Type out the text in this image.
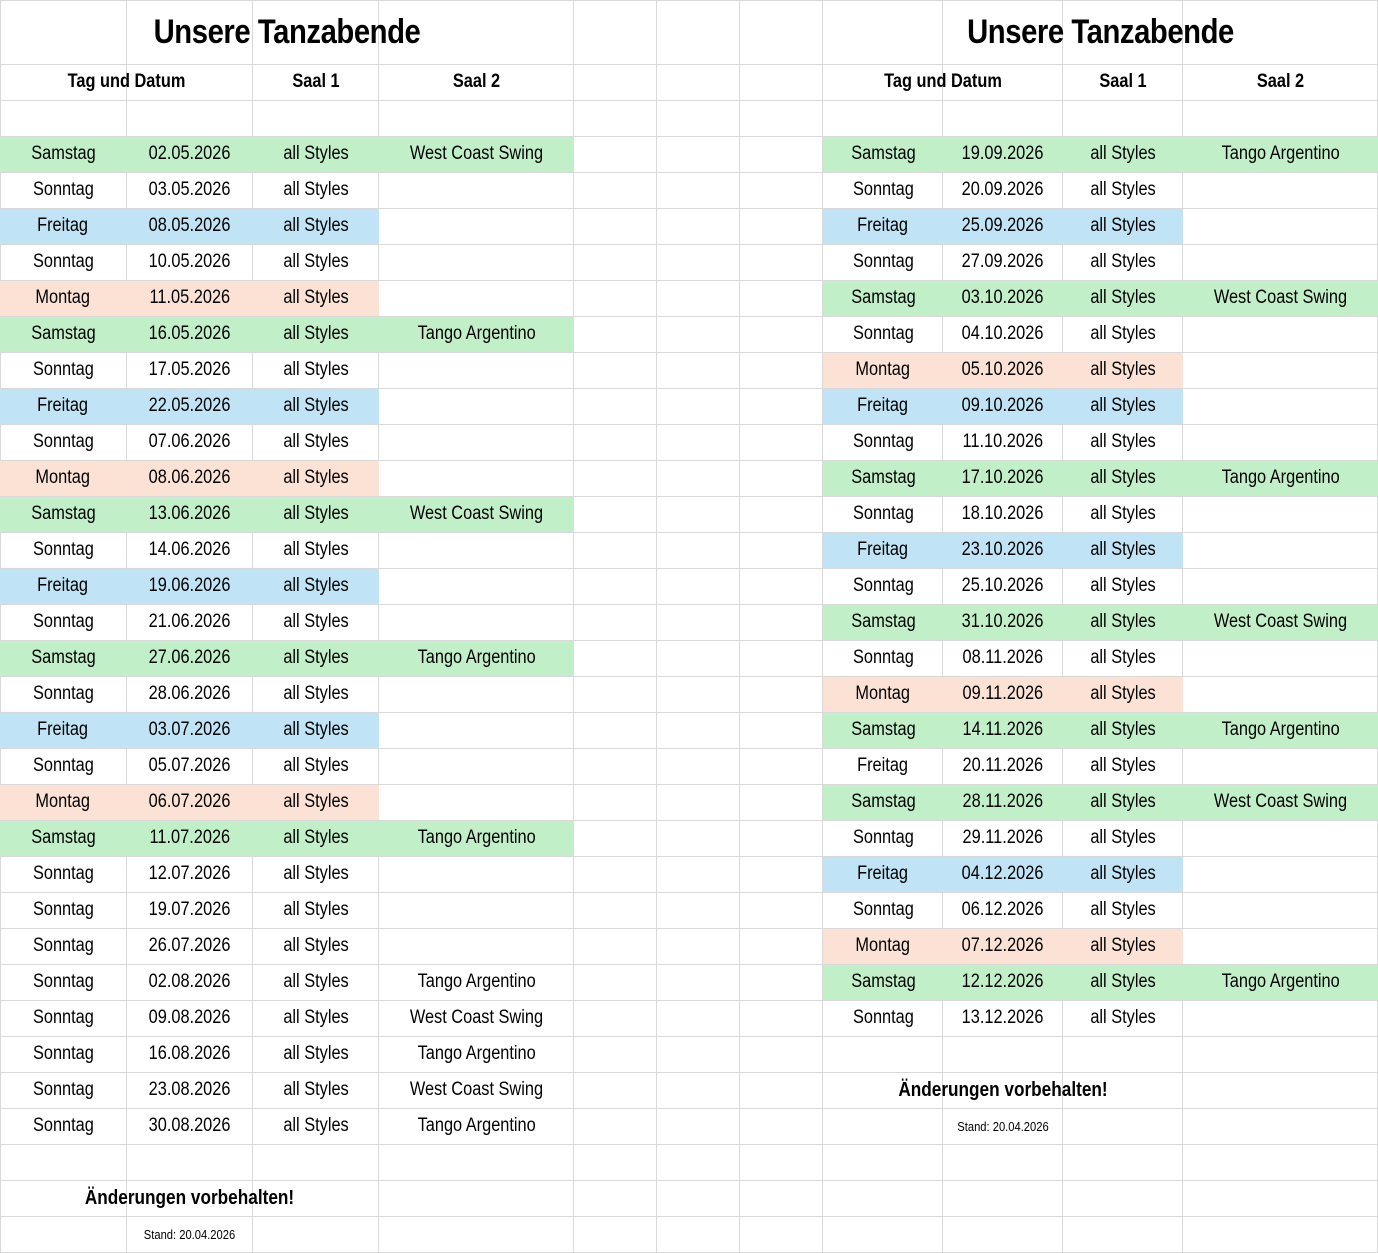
Unsere Tanzabende
Tag und Datum	Saal 1	Saal 2
Samstag	02.05.2026	all Styles	West Coast Swing
Sonntag	03.05.2026	all Styles
Freitag	08.05.2026	all Styles
Sonntag	10.05.2026	all Styles
Montag	11.05.2026	all Styles
Samstag	16.05.2026	all Styles	Tango Argentino
Sonntag	17.05.2026	all Styles
Freitag	22.05.2026	all Styles
Sonntag	07.06.2026	all Styles
Montag	08.06.2026	all Styles
Samstag	13.06.2026	all Styles	West Coast Swing
Sonntag	14.06.2026	all Styles
Freitag	19.06.2026	all Styles
Sonntag	21.06.2026	all Styles
Samstag	27.06.2026	all Styles	Tango Argentino
Sonntag	28.06.2026	all Styles
Freitag	03.07.2026	all Styles
Sonntag	05.07.2026	all Styles
Montag	06.07.2026	all Styles
Samstag	11.07.2026	all Styles	Tango Argentino
Sonntag	12.07.2026	all Styles
Sonntag	19.07.2026	all Styles
Sonntag	26.07.2026	all Styles
Sonntag	02.08.2026	all Styles	Tango Argentino
Sonntag	09.08.2026	all Styles	West Coast Swing
Sonntag	16.08.2026	all Styles	Tango Argentino
Sonntag	23.08.2026	all Styles	West Coast Swing
Sonntag	30.08.2026	all Styles	Tango Argentino
Änderungen vorbehalten!
Stand: 20.04.2026
Unsere Tanzabende
Tag und Datum	Saal 1	Saal 2
Samstag 19.09.2026 all Styles	Tango Argentino
Sonntag	20.09.2026 all Styles
Freitag	25.09.2026 all Styles
Sonntag	27.09.2026 all Styles
Samstag 03.10.2026 all Styles	West Coast Swing
Sonntag	04.10.2026 all Styles
Montag	05.10.2026 all Styles
Freitag	09.10.2026 all Styles
Sonntag	11.10.2026 all Styles
Samstag 17.10.2026 all Styles	Tango Argentino
Sonntag	18.10.2026 all Styles
Freitag	23.10.2026 all Styles
Sonntag	25.10.2026 all Styles
Samstag 31.10.2026 all Styles	West Coast Swing
Sonntag	08.11.2026 all Styles
Montag	09.11.2026 all Styles
Samstag 14.11.2026 all Styles	Tango Argentino
Freitag	20.11.2026 all Styles
Samstag 28.11.2026 all Styles	West Coast Swing
Sonntag	29.11.2026 all Styles
Freitag	04.12.2026 all Styles
Sonntag	06.12.2026 all Styles
Montag	07.12.2026 all Styles
Samstag 12.12.2026 all Styles	Tango Argentino
Sonntag	13.12.2026 all Styles
Änderungen vorbehalten!
Stand: 20.04.2026
